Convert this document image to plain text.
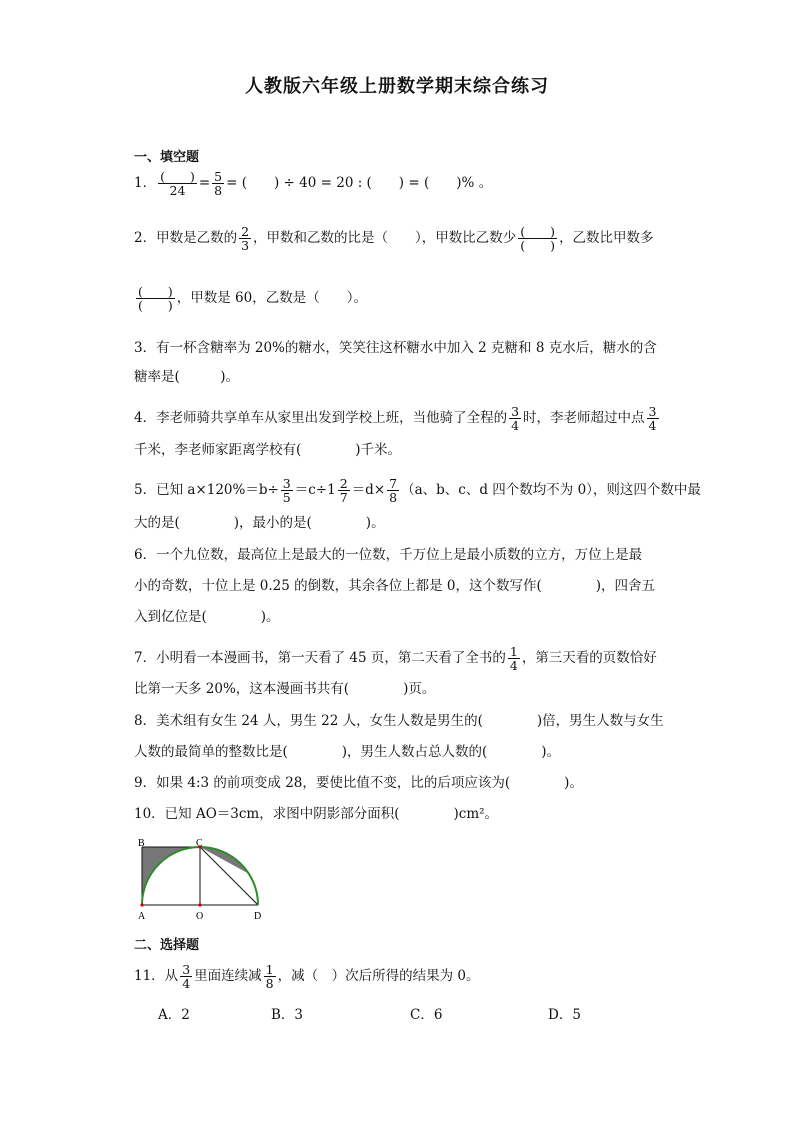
人教版六年级上册数学期末综合练习
一、填空题
1． $\frac{( )}{24} = \frac{5}{8}$ = (　　) ÷ 40 = 20 : (　　) = (　　)% 。
2．甲数是乙数的 $\frac{2}{3}$ ，甲数和乙数的比是（　　），甲数比乙数少 $\frac{( )}{( )}$ ，乙数比甲数多
$\frac{( )}{( )}$ ，甲数是 60，乙数是（　　）。
3．有一杯含糖率为 20%的糖水，笑笑往这杯糖水中加入 2 克糖和 8 克水后，糖水的含
糖率是(　　　)。
4．李老师骑共享单车从家里出发到学校上班，当他骑了全程的 $\frac{3}{4}$ 时，李老师超过中点 $\frac{3}{4}$
千米，李老师家距离学校有(　　　　)千米。
5．已知 $a\times 120\%=b\div \frac{3}{5} =c\div 1 \frac{2}{7} =d\times \frac{7}{8} (a$、b、c、d 四个数均不为 0），则这四个数中最
大的是(　　　　)，最小的是(　　　　)。
6．一个九位数，最高位上是最大的一位数，千万位上是最小质数的立方，万位上是最
小的奇数，十位上是 0.25 的倒数，其余各位上都是 0，这个数写作(　　　　)，四舍五
入到亿位是(　　　　)。
7．小明看一本漫画书，第一天看了 45 页，第二天看了全书的 $\frac{1}{4}$ ，第三天看的页数恰好
比第一天多 20%，这本漫画书共有(　　　　)页。
8．美术组有女生 24 人，男生 22 人，女生人数是男生的(　　　　)倍，男生人数与女生
人数的最简单的整数比是(　　　　)，男生人数占总人数的(　　　　)。
9．如果 4:3 的前项变成 28，要使比值不变，比的后项应该为(　　　　)。
10．已知 AO＝3cm，求图中阴影部分面积(　　　　)cm²。
B	C
A	O	D
二、选择题
11．从 $\frac{3}{4}$ 里面连续减 $\frac{1}{8}$ ，减（　）次后所得的结果为 0。
A．2	B．3	C．6	D．5
